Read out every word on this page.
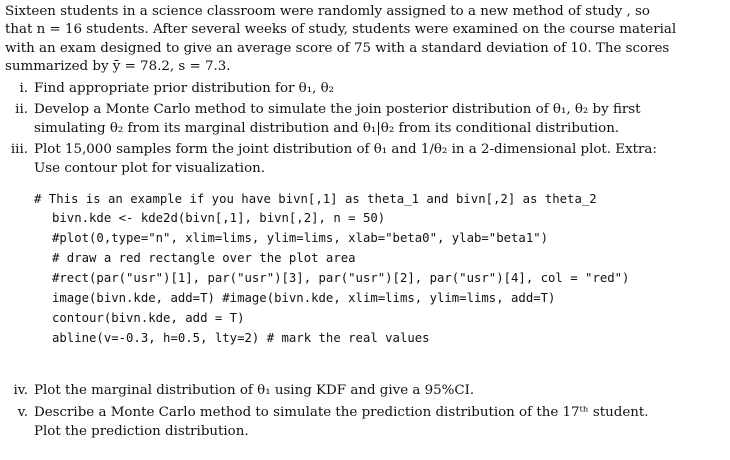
Sixteen students in a science classroom were randomly assigned to a new method of study , so
that n = 16 students. After several weeks of study, students were examined on the course material
with an exam designed to give an average score of 75 with a standard deviation of 10. The scores
summarized by ȳ = 78.2, s = 7.3.
i. Find appropriate prior distribution for θ₁, θ₂
ii. Develop a Monte Carlo method to simulate the join posterior distribution of θ₁, θ₂ by first
simulating θ₂ from its marginal distribution and θ₁|θ₂ from its conditional distribution.
iii. Plot 15,000 samples form the joint distribution of θ₁ and 1/θ₂ in a 2-dimensional plot. Extra:
Use contour plot for visualization.
# This is an example if you have bivn[,1] as theta_1 and bivn[,2] as theta_2
bivn.kde <- kde2d(bivn[,1], bivn[,2], n = 50)
#plot(0,type="n", xlim=lims, ylim=lims, xlab="beta0", ylab="beta1")
# draw a red rectangle over the plot area
#rect(par("usr")[1], par("usr")[3], par("usr")[2], par("usr")[4], col = "red")
image(bivn.kde, add=T) #image(bivn.kde, xlim=lims, ylim=lims, add=T)
contour(bivn.kde, add = T)
abline(v=-0.3, h=0.5, lty=2) # mark the real values
iv. Plot the marginal distribution of θ₁ using KDF and give a 95%CI.
v. Describe a Monte Carlo method to simulate the prediction distribution of the 17ᵗʰ student.
Plot the prediction distribution.
